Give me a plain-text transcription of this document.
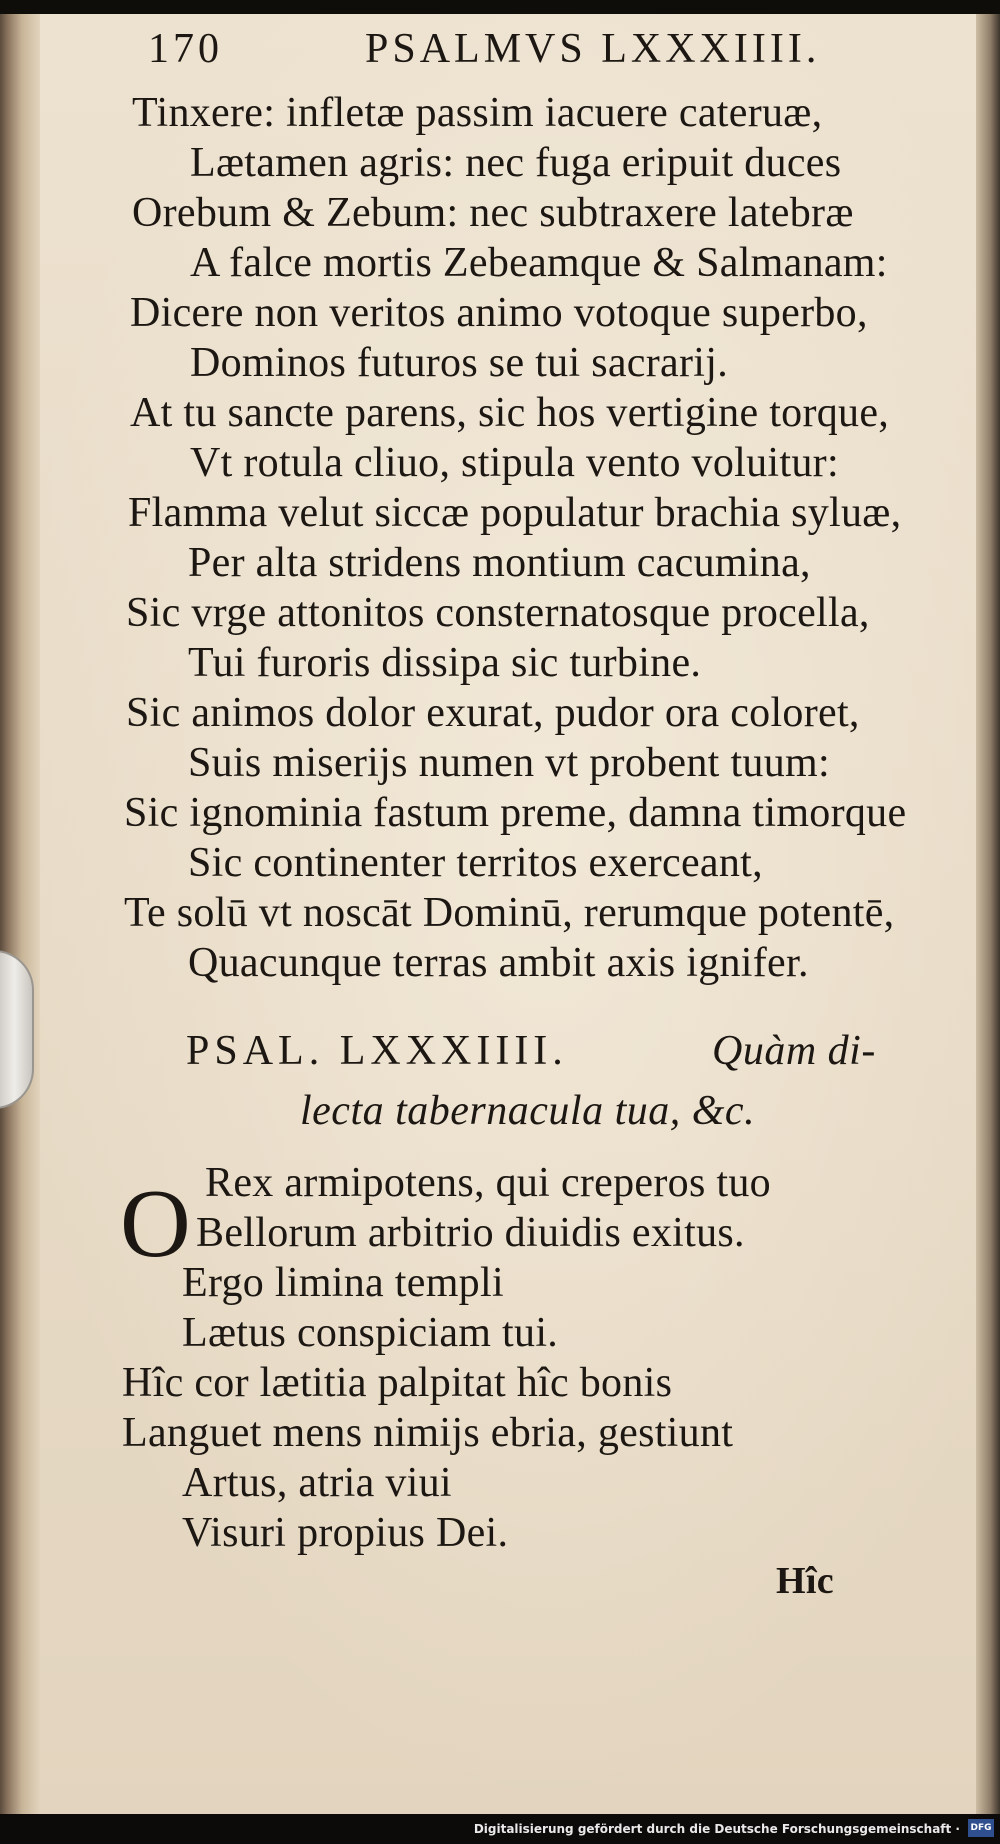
170	PSALMVS LXXXIIII.
Tinxere: infletæ passim iacuere cateruæ,
Lætamen agris: nec fuga eripuit duces
Orebum & Zebum: nec subtraxere latebræ
A falce mortis Zebeamque & Salmanam:
Dicere non veritos animo votoque superbo,
Dominos futuros se tui sacrarij.
At tu sancte parens, sic hos vertigine torque,
Vt rotula cliuo, stipula vento voluitur:
Flamma velut siccæ populatur brachia syluæ,
Per alta stridens montium cacumina,
Sic vrge attonitos consternatosque procella,
Tui furoris dissipa sic turbine.
Sic animos dolor exurat, pudor ora coloret,
Suis miserijs numen vt probent tuum:
Sic ignominia fastum preme, damna timorque
Sic continenter territos exerceant,
Te solū vt noscāt Dominū, rerumque potentē,
Quacunque terras ambit axis ignifer.
PSAL. LXXXIIII.	Quàm di-
lecta tabernacula tua, &c.
O Rex armipotens, qui creperos tuo
Bellorum arbitrio diuidis exitus.
Ergo limina templi
Lætus conspiciam tui.
Hîc cor lætitia palpitat hîc bonis
Languet mens nimijs ebria, gestiunt
Artus, atria viui
Visuri propius Dei.
Hîc
Digitalisierung gefördert durch die Deutsche Forschungsgemeinschaft · DFG
